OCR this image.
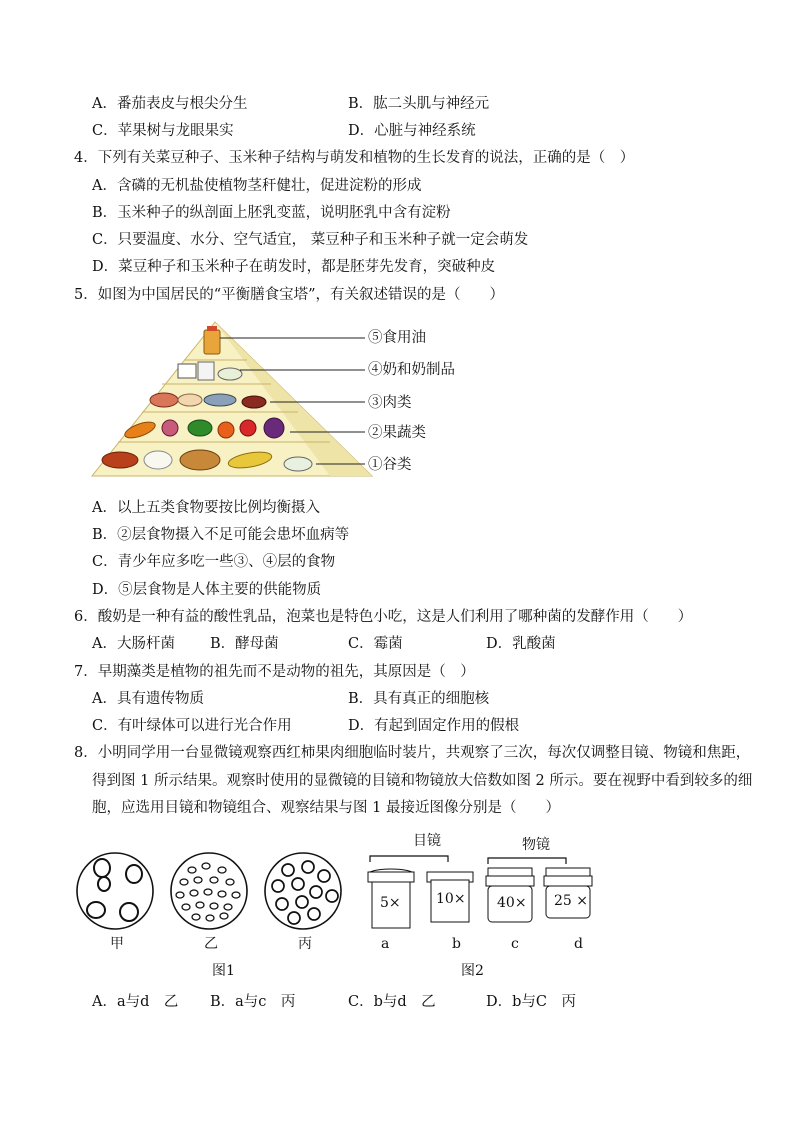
A．番茄表皮与根尖分生	B．肱二头肌与神经元
C．苹果树与龙眼果实	D．心脏与神经系统
4．下列有关菜豆种子、玉米种子结构与萌发和植物的生长发育的说法，正确的是（　）
A．含磷的无机盐使植物茎秆健壮，促进淀粉的形成
B．玉米种子的纵剖面上胚乳变蓝，说明胚乳中含有淀粉
C．只要温度、水分、空气适宜， 菜豆种子和玉米种子就一定会萌发
D．菜豆种子和玉米种子在萌发时，都是胚芽先发育，突破种皮
5．如图为中国居民的“平衡膳食宝塔”，有关叙述错误的是（　　）
⑤食用油
④奶和奶制品
③肉类
②果蔬类
①谷类
A．以上五类食物要按比例均衡摄入
B．②层食物摄入不足可能会患坏血病等
C．青少年应多吃一些③、④层的食物
D．⑤层食物是人体主要的供能物质
6．酸奶是一种有益的酸性乳品，泡菜也是特色小吃，这是人们利用了哪种菌的发酵作用（　　）
A．大肠杆菌 B．酵母菌	C．霉菌	D．乳酸菌
7．早期藻类是植物的祖先而不是动物的祖先，其原因是（　）
A．具有遗传物质	B．具有真正的细胞核
C．有叶绿体可以进行光合作用	D．有起到固定作用的假根
8．小明同学用一台显微镜观察西红柿果肉细胞临时装片，共观察了三次，每次仅调整目镜、物镜和焦距，
得到图 1 所示结果。观察时使用的显微镜的目镜和物镜放大倍数如图 2 所示。要在视野中看到较多的细
胞，应选用目镜和物镜组合、观察结果与图 1 最接近图像分别是（　　）
甲	乙	丙
图1
目镜	物镜
5×	10× 40× 25 ×
a	b	c	d
图2
A．a与d　乙 B．a与c　丙	C．b与d　乙	D．b与C　丙
